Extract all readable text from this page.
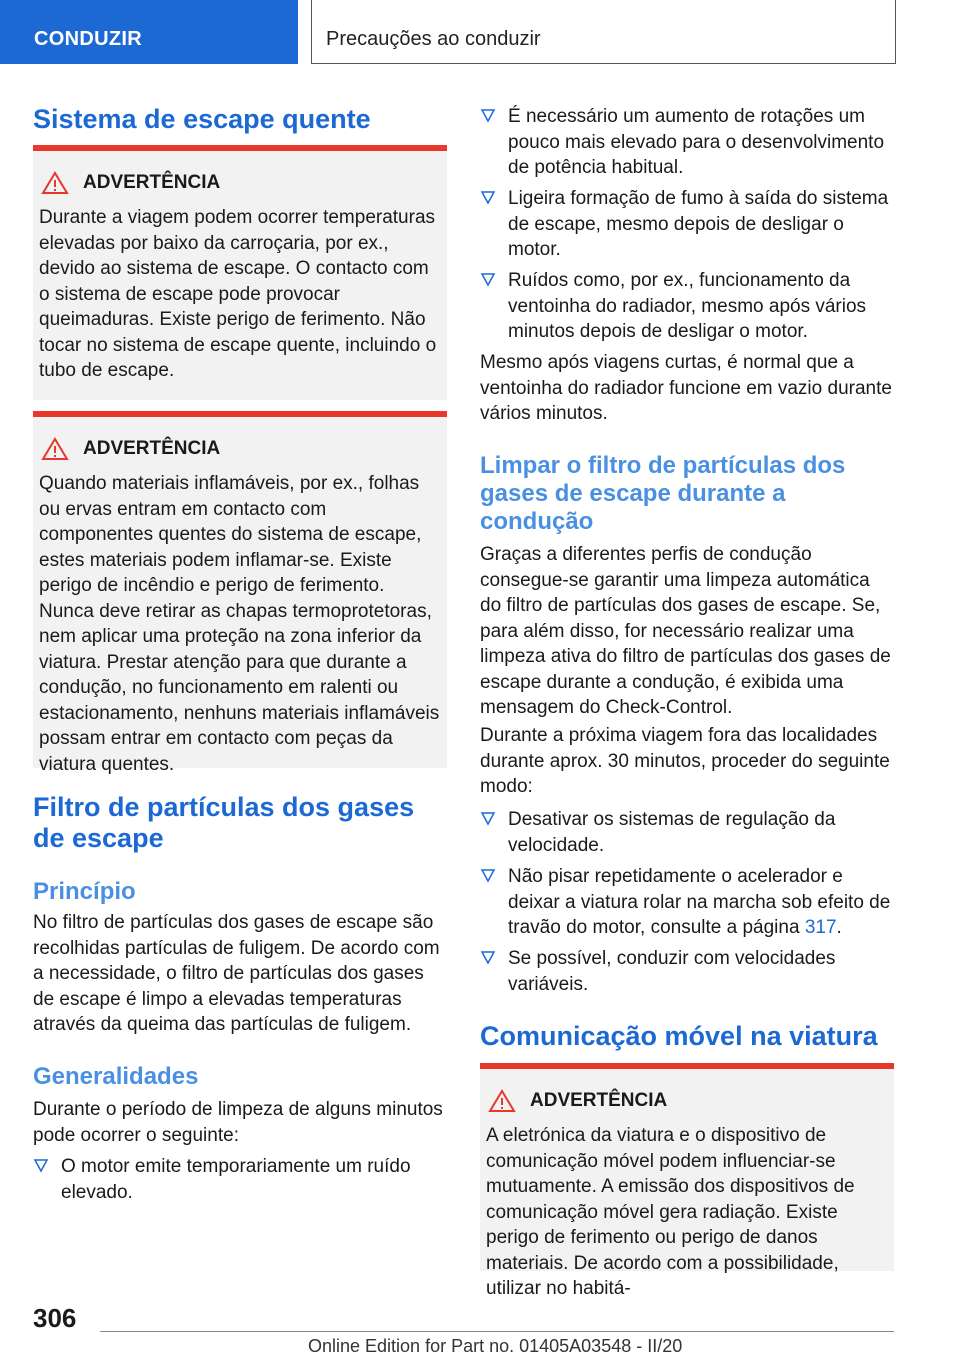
CONDUZIR	Precauções ao conduzir
Sistema de escape quente
ADVERTÊNCIA
Durante a viagem podem ocorrer temperaturas elevadas por baixo da carroçaria, por ex., devido ao sistema de escape. O contacto com o sistema de escape pode provocar queimaduras. Existe perigo de ferimento. Não tocar no sistema de escape quente, incluindo o tubo de escape.
ADVERTÊNCIA
Quando materiais inflamáveis, por ex., folhas ou ervas entram em contacto com componentes quentes do sistema de escape, estes materiais podem inflamar-se. Existe perigo de incêndio e perigo de ferimento. Nunca deve retirar as chapas termoprotetoras, nem aplicar uma proteção na zona inferior da viatura. Prestar atenção para que durante a condução, no funcionamento em ralenti ou estacionamento, nenhuns materiais inflamáveis possam entrar em contacto com peças da viatura quentes.
Filtro de partículas dos gases de escape
Princípio

No filtro de partículas dos gases de escape são recolhidas partículas de fuligem. De acordo com a necessidade, o filtro de partículas dos gases de escape é limpo a elevadas temperaturas através da queima das partículas de fuligem.

Generalidades

Durante o período de limpeza de alguns minutos pode ocorrer o seguinte:

O motor emite temporariamente um ruído elevado.
É necessário um aumento de rotações um pouco mais elevado para o desenvolvimento de potência habitual.
Ligeira formação de fumo à saída do sistema de escape, mesmo depois de desligar o motor.
Ruídos como, por ex., funcionamento da ventoinha do radiador, mesmo após vários minutos depois de desligar o motor.

Mesmo após viagens curtas, é normal que a ventoinha do radiador funcione em vazio durante vários minutos.

Limpar o filtro de partículas dos gases de escape durante a condução

Graças a diferentes perfis de condução consegue-se garantir uma limpeza automática do filtro de partículas dos gases de escape. Se, para além disso, for necessário realizar uma limpeza ativa do filtro de partículas dos gases de escape durante a condução, é exibida uma mensagem do Check-Control.

Durante a próxima viagem fora das localidades durante aprox. 30 minutos, proceder do seguinte modo:

Desativar os sistemas de regulação da velocidade.
Não pisar repetidamente o acelerador e deixar a viatura rolar na marcha sob efeito de travão do motor, consulte a página 317.
Se possível, conduzir com velocidades variáveis.
Comunicação móvel na viatura
ADVERTÊNCIA
A eletrónica da viatura e o dispositivo de comunicação móvel podem influenciar-se mutuamente. A emissão dos dispositivos de comunicação móvel gera radiação. Existe perigo de ferimento ou perigo de danos materiais. De acordo com a possibilidade, utilizar no habitá-
306
Online Edition for Part no. 01405A03548 - II/20
